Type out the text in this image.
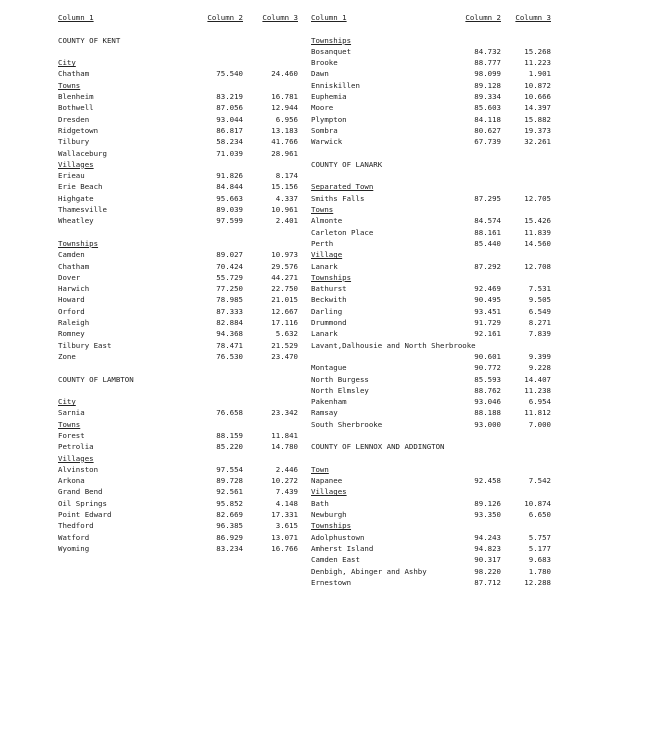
Column 1	Column 2	Column 3
COUNTY OF KENT
City
Chatham	75.540	24.460
Towns
Blenheim	83.219	16.781
Bothwell	87.056	12.944
Dresden	93.044	6.956
Ridgetown	86.817	13.183
Tilbury	58.234	41.766
Wallaceburg	71.039	28.961
Villages
Erieau	91.826	8.174
Erie Beach	84.844	15.156
Highgate	95.663	4.337
Thamesville	89.039	10.961
Wheatley	97.599	2.401
Townships
Camden	89.027	10.973
Chatham	70.424	29.576
Dover	55.729	44.271
Harwich	77.250	22.750
Howard	78.985	21.015
Orford	87.333	12.667
Raleigh	82.884	17.116
Romney	94.368	5.632
Tilbury East	78.471	21.529
Zone	76.530	23.470
COUNTY OF LAMBTON
City
Sarnia	76.658	23.342
Towns
Forest	88.159	11.841
Petrolia	85.220	14.780
Villages
Alvinston	97.554	2.446
Arkona	89.728	10.272
Grand Bend	92.561	7.439
Oil Springs	95.852	4.148
Point Edward	82.669	17.331
Thedford	96.385	3.615
Watford	86.929	13.071
Wyoming	83.234	16.766
Column 1	Column 2 Column 3
Townships
Bosanquet	84.732	15.268
Brooke	88.777	11.223
Dawn	98.099	1.901
Enniskillen	89.128	10.872
Euphemia	89.334	10.666
Moore	85.603	14.397
Plympton	84.118	15.882
Sombra	80.627	19.373
Warwick	67.739	32.261
COUNTY OF LANARK
Separated Town
Smiths Falls	87.295	12.705
Towns
Almonte	84.574	15.426
Carleton Place	88.161	11.839
Perth	85.440	14.560
Village
Lanark	87.292	12.708
Townships
Bathurst	92.469	7.531
Beckwith	90.495	9.505
Darling	93.451	6.549
Drummond	91.729	8.271
Lanark	92.161	7.839
Lavant,Dalhousie and North Sherbrooke
90.601	9.399
Montague	90.772	9.228
North Burgess	85.593	14.407
North Elmsley	88.762	11.238
Pakenham	93.046	6.954
Ramsay	88.188	11.812
South Sherbrooke	93.000	7.000
COUNTY OF LENNOX AND ADDINGTON
Town
Napanee	92.458	7.542
Villages
Bath	89.126	10.874
Newburgh	93.350	6.650
Townships
Adolphustown	94.243	5.757
Amherst Island	94.823	5.177
Camden East	90.317	9.683
Denbigh, Abinger and Ashby	98.220	1.780
Ernestown	87.712	12.288
